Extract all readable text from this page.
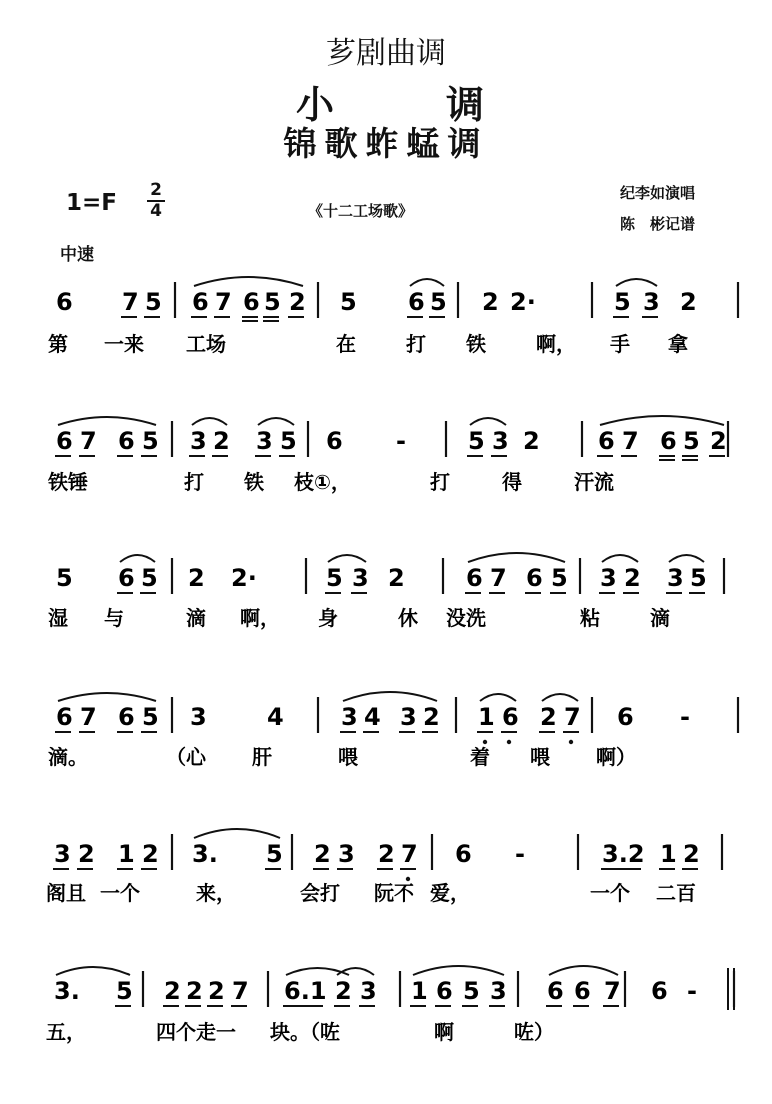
芗剧曲调
小	调
锦歌蚱蜢调
1=F 2
4	《十二工场歌》
纪李如演唱
陈　彬记谱
中速
6 7 5 6 7 6 5 2 5 6 5 2 2·	5 3 2
第 一来 工场	在	打 铁	啊， 手 拿
6 7 6 5 3 2 3 5 6 -	5 3 2 6 7 6 5 2
铁锤	打 铁 枝①，	打	得	汗流
5 6 5 2 2·	5 3 2	6 7 6 5 3 2 3 5
湿 与	滴 啊， 身	休 没洗	粘	滴
6 7 6 5 3	4 3 4 3 2 1 6 2 7 6 -
滴。	（心 肝	喂	着 喂 啊）
3 2 1 2 3. 5 2 3 2 7 6 -	3.2 1 2
阁且 一个	来，	会打 阮不 爱，	一个 二百
3. 5 2 2 2 7 6.1 2 3 1 6 5 3 6 6 7 6 -
五，	四个走一 块。（咗	啊	咗）
